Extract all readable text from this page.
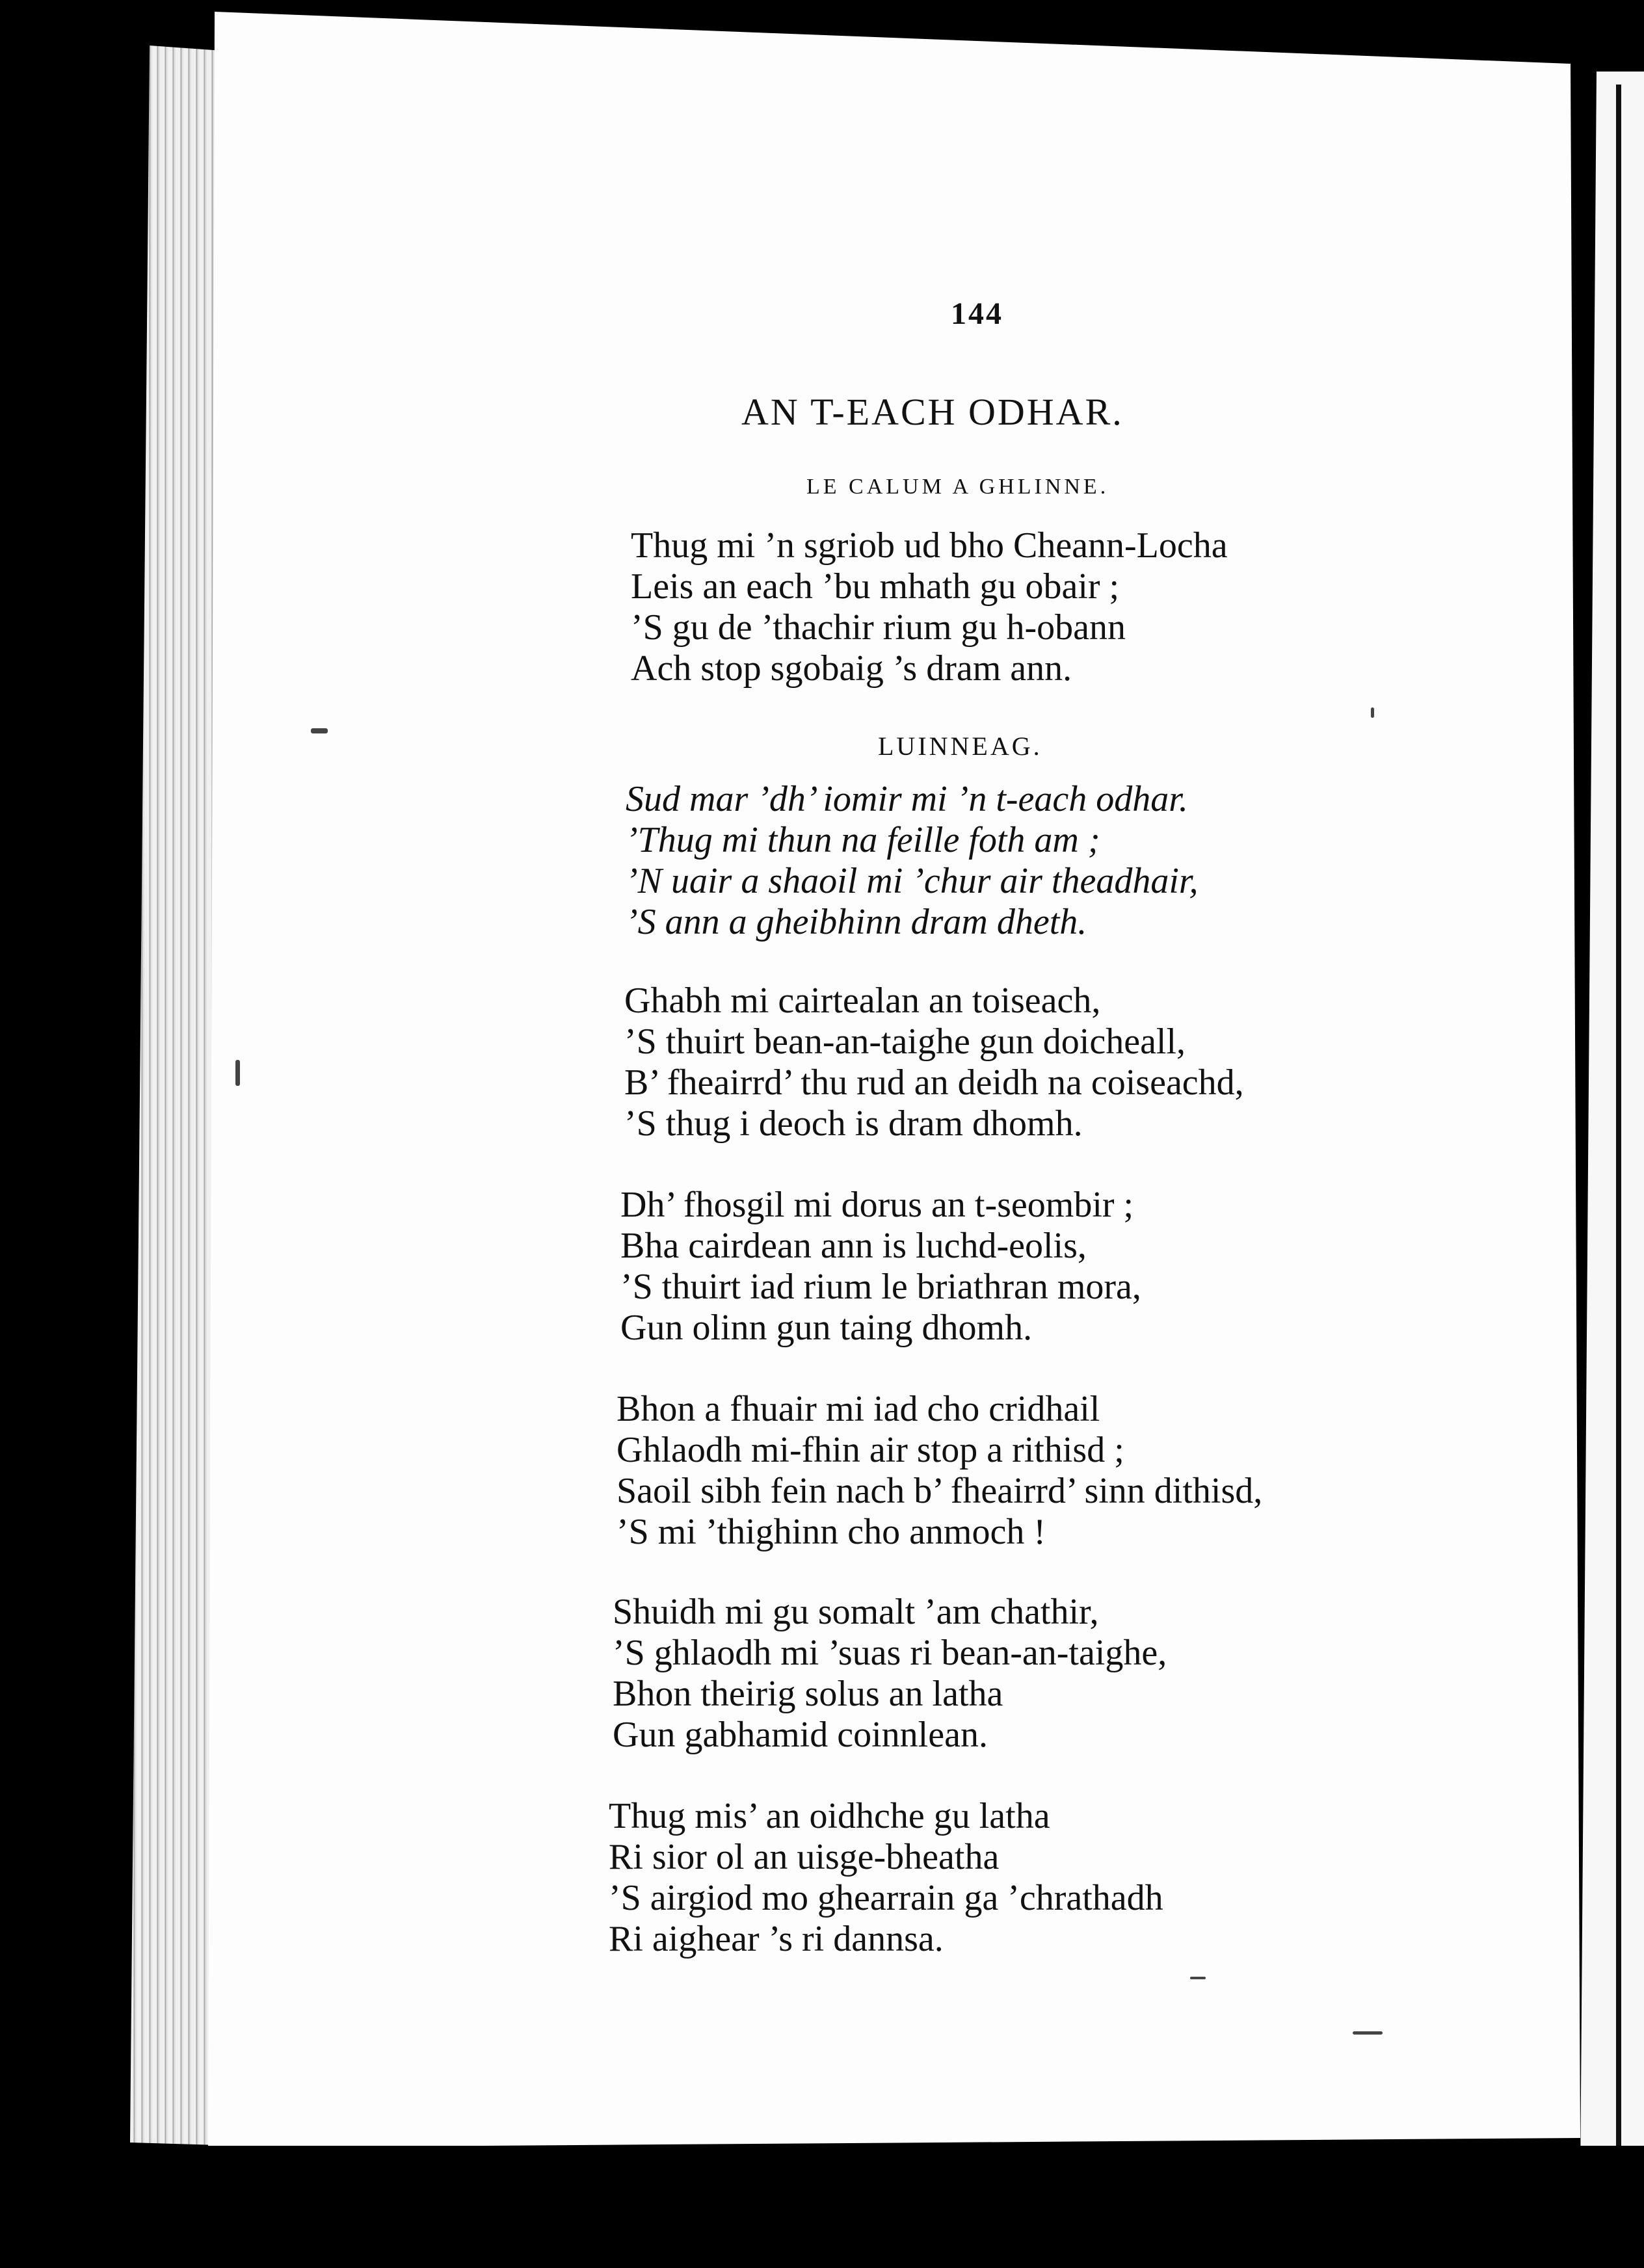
144
AN T-EACH ODHAR.
LE CALUM A GHLINNE.
Thug mi ’n sgriob ud bho Cheann-Locha
Leis an each ’bu mhath gu obair ;
’S gu de ’thachir rium gu h-obann
Ach stop sgobaig ’s dram ann.
LUINNEAG.
Sud mar ’dh’ iomir mi ’n t-each odhar.
’Thug mi thun na feille foth am ;
’N uair a shaoil mi ’chur air theadhair,
’S ann a gheibhinn dram dheth.
Ghabh mi cairtealan an toiseach,
’S thuirt bean-an-taighe gun doicheall,
B’ fheairrd’ thu rud an deidh na coiseachd,
’S thug i deoch is dram dhomh.
Dh’ fhosgil mi dorus an t-seombir ;
Bha cairdean ann is luchd-eolis,
’S thuirt iad rium le briathran mora,
Gun olinn gun taing dhomh.
Bhon a fhuair mi iad cho cridhail
Ghlaodh mi-fhin air stop a rithisd ;
Saoil sibh fein nach b’ fheairrd’ sinn dithisd,
’S mi ’thighinn cho anmoch !
Shuidh mi gu somalt ’am chathir,
’S ghlaodh mi ’suas ri bean-an-taighe,
Bhon theirig solus an latha
Gun gabhamid coinnlean.
Thug mis’ an oidhche gu latha
Ri sior ol an uisge-bheatha
’S airgiod mo ghearrain ga ’chrathadh
Ri aighear ’s ri dannsa.
